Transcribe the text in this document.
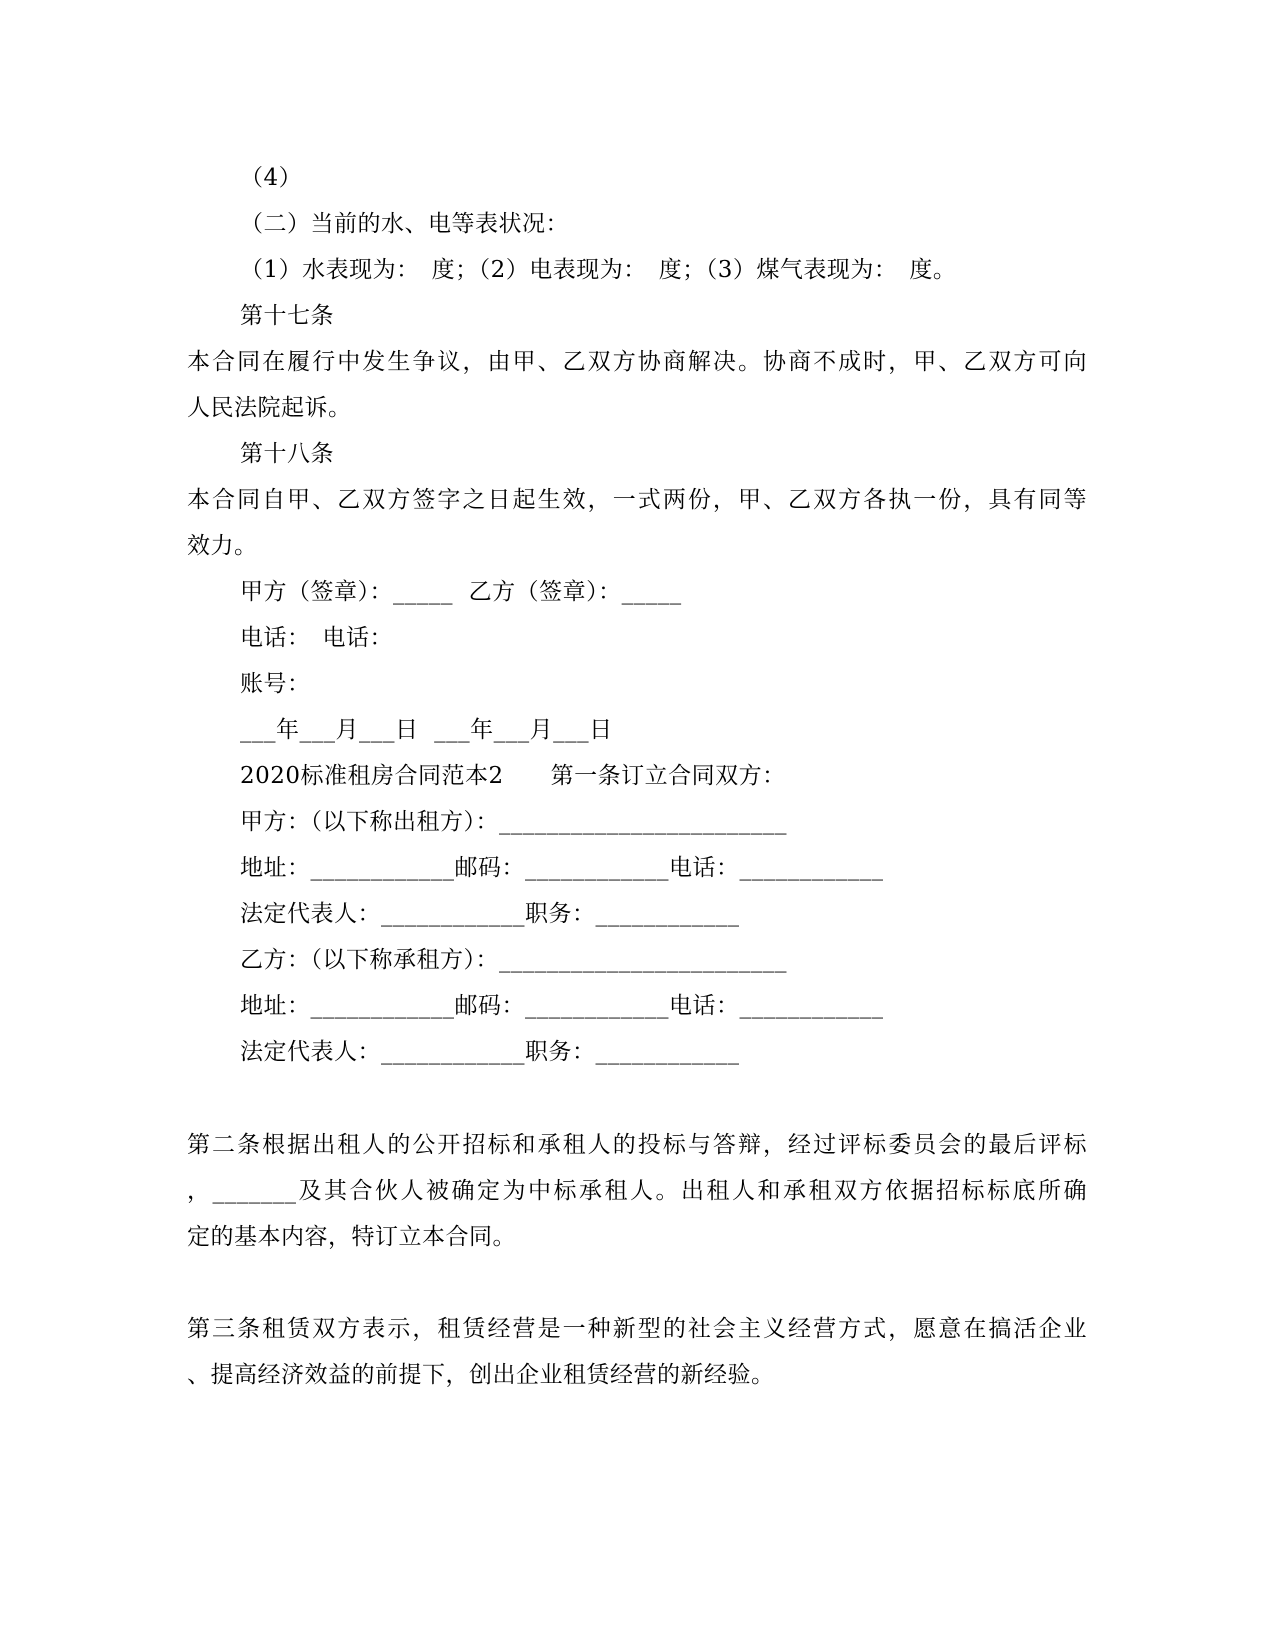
（4）

（二）当前的水、电等表状况：

（1）水表现为：　度；（2）电表现为：　度；（3）煤气表现为：　度。

第十七条

本合同在履行中发生争议，由甲、乙双方协商解决。协商不成时，甲、乙双方可向

人民法院起诉。

第十八条

本合同自甲、乙双方签字之日起生效，一式两份，甲、乙双方各执一份，具有同等

效力。

甲方（签章）：_____  乙方（签章）：_____

电话：　电话：

账号：

___年___月___日  ___年___月___日

2020标准租房合同范本2　　第一条订立合同双方：

甲方：（以下称出租方）：________________________

地址：____________邮码：____________电话：____________

法定代表人：____________职务：____________

乙方：（以下称承租方）：________________________

地址：____________邮码：____________电话：____________

法定代表人：____________职务：____________

第二条根据出租人的公开招标和承租人的投标与答辩，经过评标委员会的最后评标

，_______及其合伙人被确定为中标承租人。出租人和承租双方依据招标标底所确

定的基本内容，特订立本合同。

第三条租赁双方表示，租赁经营是一种新型的社会主义经营方式，愿意在搞活企业

、提高经济效益的前提下，创出企业租赁经营的新经验。
